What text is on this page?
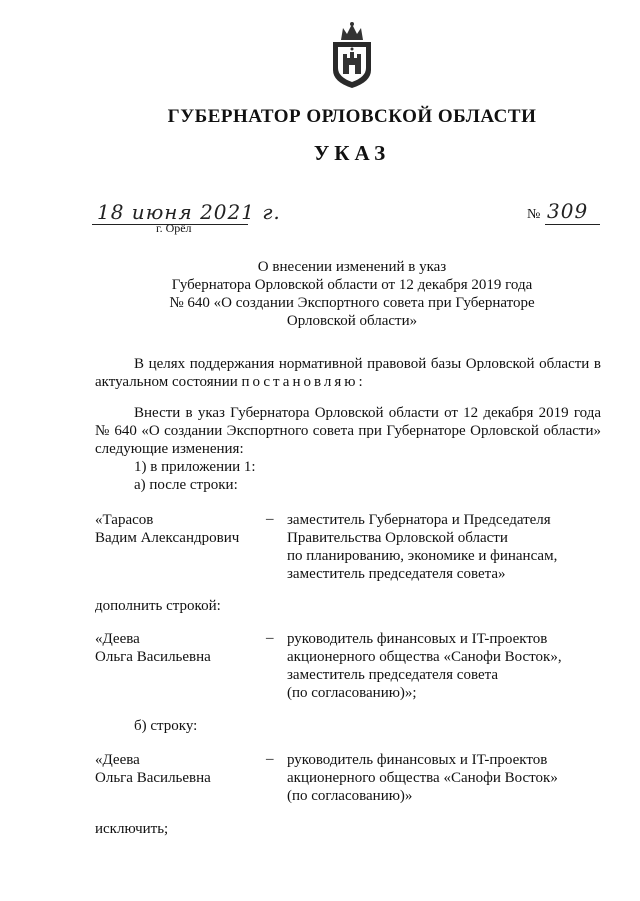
ГУБЕРНАТОР ОРЛОВСКОЙ ОБЛАСТИ
УКАЗ
18 июня 2021 г.
г. Орёл
№ 309
О внесении изменений в указ
Губернатора Орловской области от 12 декабря 2019 года
№ 640 «О создании Экспортного совета при Губернаторе
Орловской области»
В целях поддержания нормативной правовой базы Орловской области в актуальном состоянии постановляю:
Внести в указ Губернатора Орловской области от 12 декабря 2019 года № 640 «О создании Экспортного совета при Губернаторе Орловской области» следующие изменения:
1) в приложении 1:
а) после строки:
«Тарасов
Вадим Александрович
– заместитель Губернатора и Председателя
Правительства Орловской области
по планированию, экономике и финансам,
заместитель председателя совета»
дополнить строкой:
«Деева
Ольга Васильевна
– руководитель финансовых и IT-проектов
акционерного общества «Санофи Восток»,
заместитель председателя совета
(по согласованию)»;
б) строку:
«Деева
Ольга Васильевна
– руководитель финансовых и IT-проектов
акционерного общества «Санофи Восток»
(по согласованию)»
исключить;
